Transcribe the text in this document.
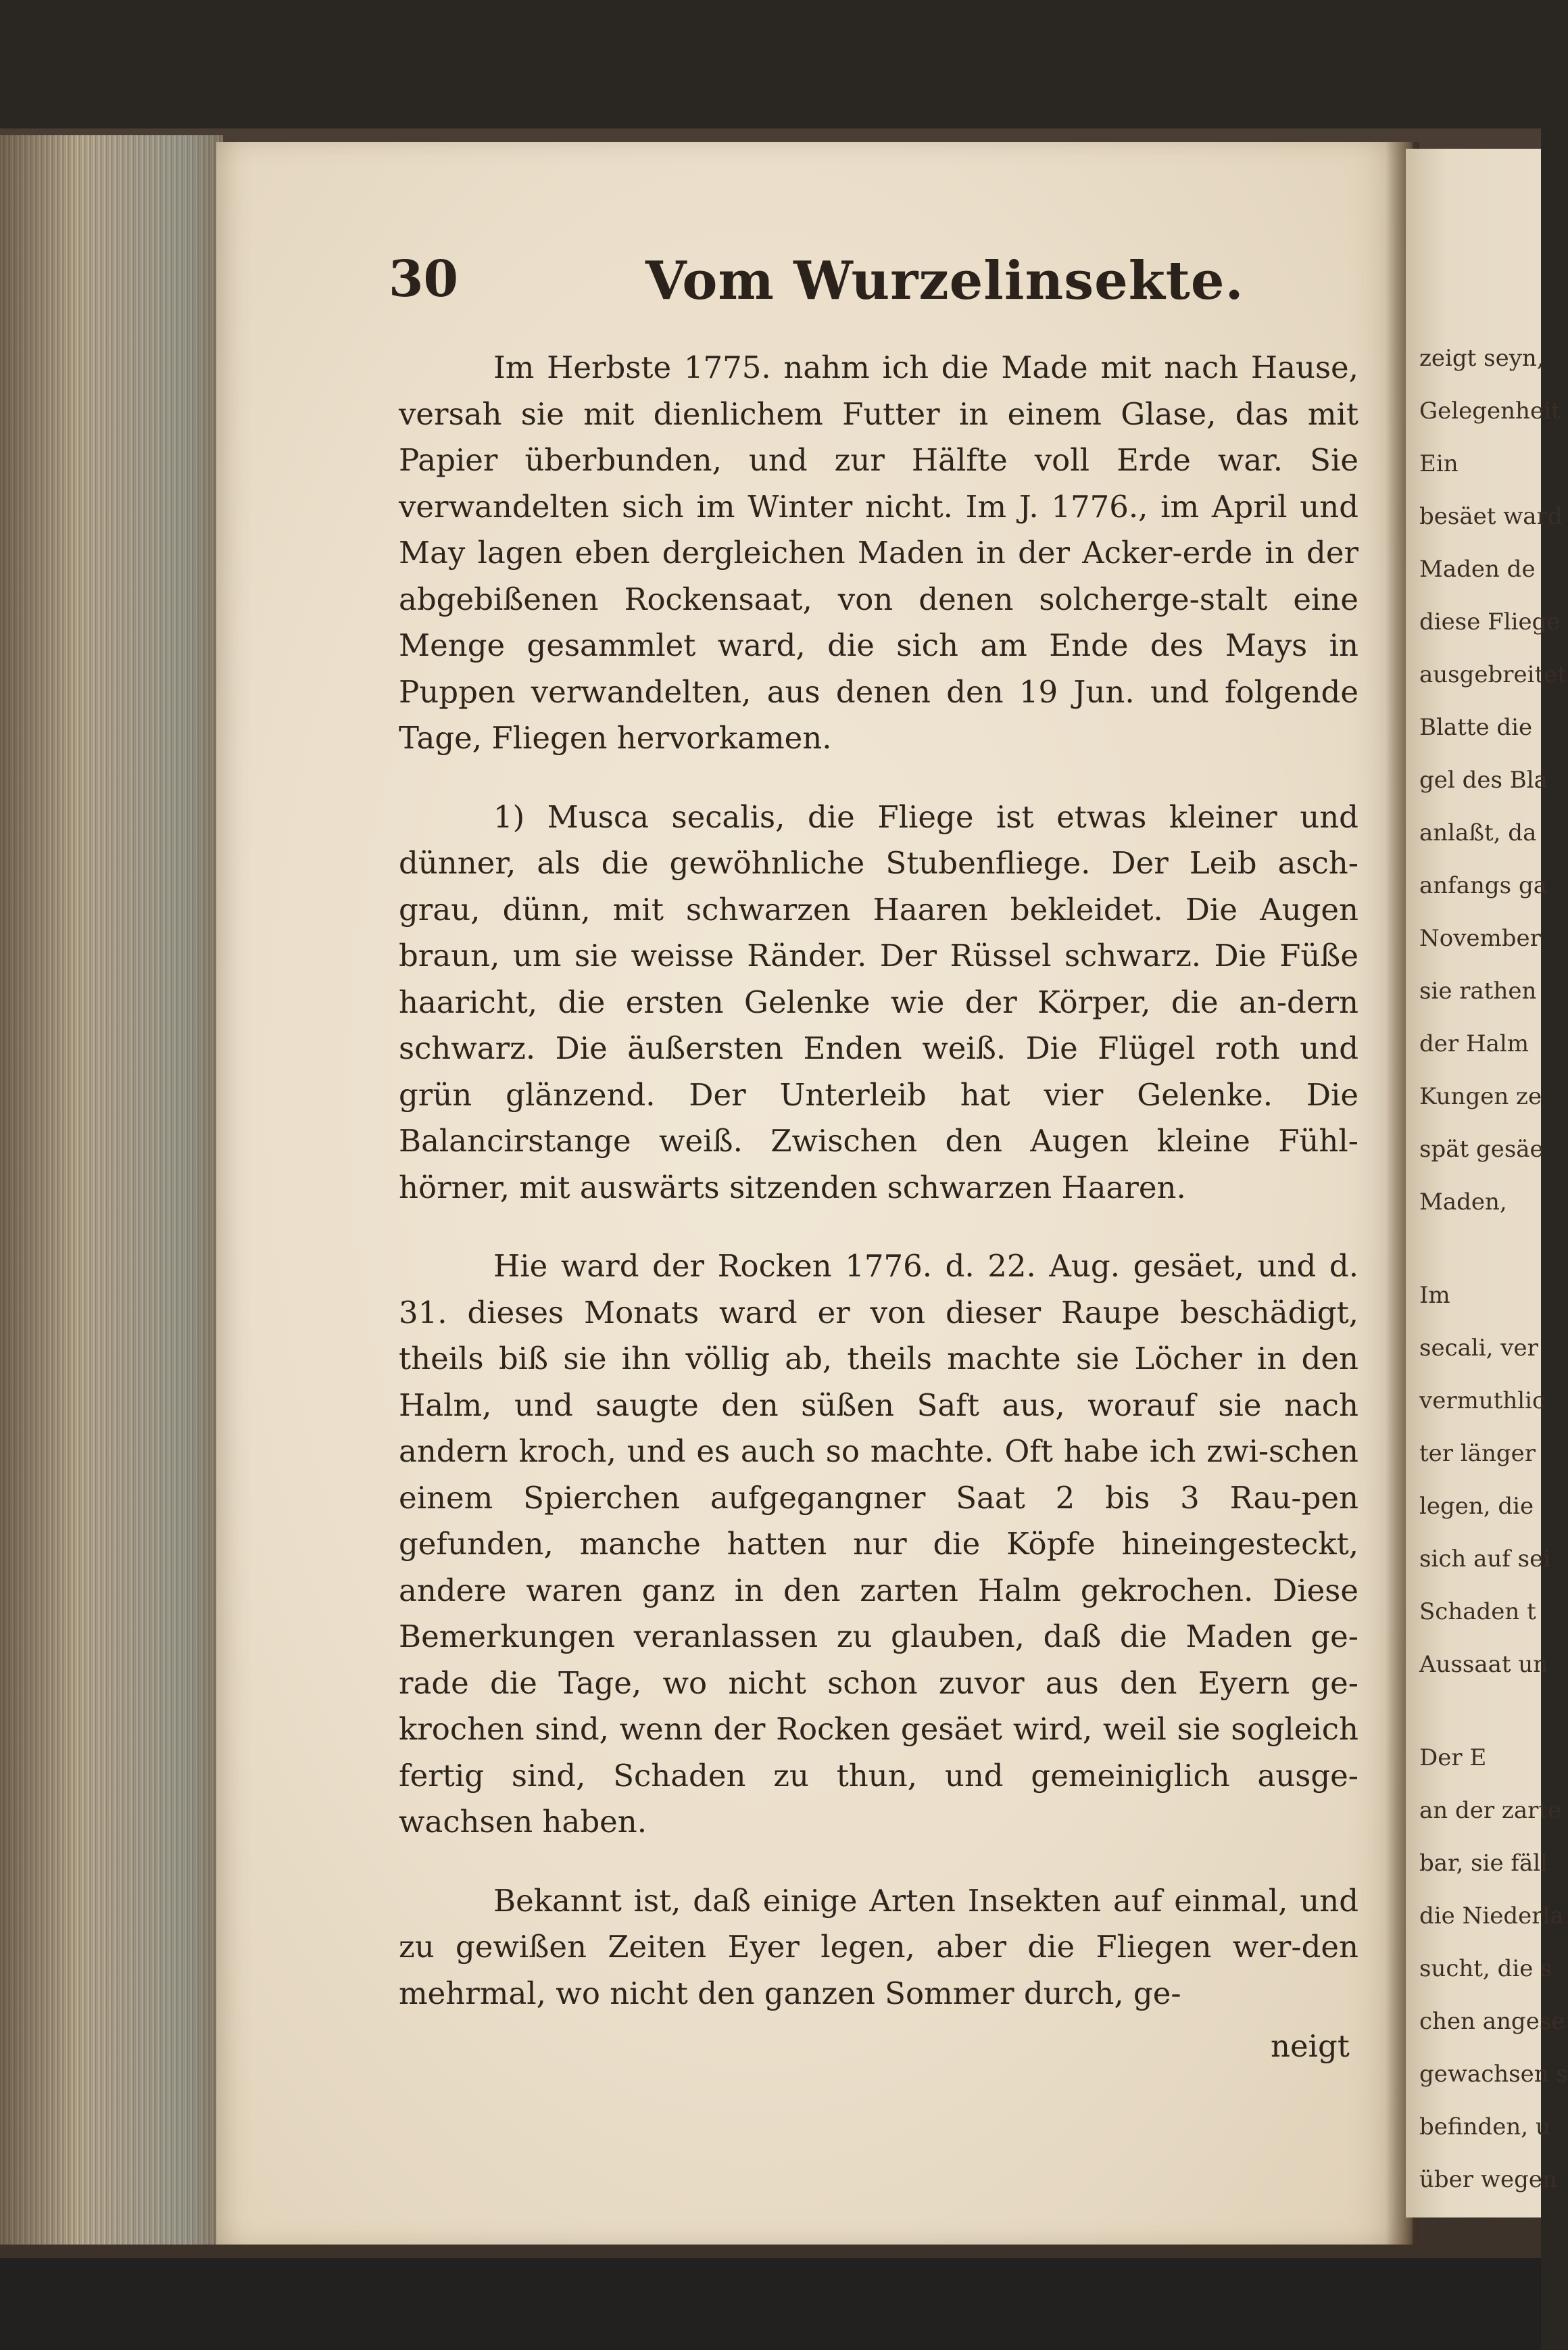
zeigt seyn,
Gelegenheit
Ein
besäet ward
Maden de
diese Fliege
ausgebreitet
Blatte die
gel des Bla
anlaßt, da
anfangs ga
November
sie rathen
der Halm
Kungen ze
spät gesäe
Maden,
Im
secali, ver
vermuthlic
ter länger
legen, die
sich auf sei
Schaden t
Aussaat un
Der E
an der zarte
bar, sie fäll
die Niederla
sucht, die s
chen angese
gewachsen s
befinden, u
über wegen
30	Vom Wurzelinsekte.

Im Herbste 1775. nahm ich die Made mit nach Hause, versah sie mit dienlichem Futter in einem Glase, das mit Papier überbunden, und zur Hälfte voll Erde war. Sie verwandelten sich im Winter nicht. Im J. 1776., im April und May lagen eben dergleichen Maden in der Acker-erde in der abgebißenen Rockensaat, von denen solcherge-stalt eine Menge gesammlet ward, die sich am Ende des Mays in Puppen verwandelten, aus denen den 19 Jun. und folgende Tage, Fliegen hervorkamen.

1) Musca secalis, die Fliege ist etwas kleiner und dünner, als die gewöhnliche Stubenfliege. Der Leib asch-grau, dünn, mit schwarzen Haaren bekleidet. Die Augen braun, um sie weisse Ränder. Der Rüssel schwarz. Die Füße haaricht, die ersten Gelenke wie der Körper, die an-dern schwarz. Die äußersten Enden weiß. Die Flügel roth und grün glänzend. Der Unterleib hat vier Gelenke. Die Balancirstange weiß. Zwischen den Augen kleine Fühl-hörner, mit auswärts sitzenden schwarzen Haaren.

Hie ward der Rocken 1776. d. 22. Aug. gesäet, und d. 31. dieses Monats ward er von dieser Raupe beschädigt, theils biß sie ihn völlig ab, theils machte sie Löcher in den Halm, und saugte den süßen Saft aus, worauf sie nach andern kroch, und es auch so machte. Oft habe ich zwi-schen einem Spierchen aufgegangner Saat 2 bis 3 Rau-pen gefunden, manche hatten nur die Köpfe hineingesteckt, andere waren ganz in den zarten Halm gekrochen. Diese Bemerkungen veranlassen zu glauben, daß die Maden ge-rade die Tage, wo nicht schon zuvor aus den Eyern ge-krochen sind, wenn der Rocken gesäet wird, weil sie sogleich fertig sind, Schaden zu thun, und gemeiniglich ausge-wachsen haben.

Bekannt ist, daß einige Arten Insekten auf einmal, und zu gewißen Zeiten Eyer legen, aber die Fliegen wer-den mehrmal, wo nicht den ganzen Sommer durch, ge-

neigt
